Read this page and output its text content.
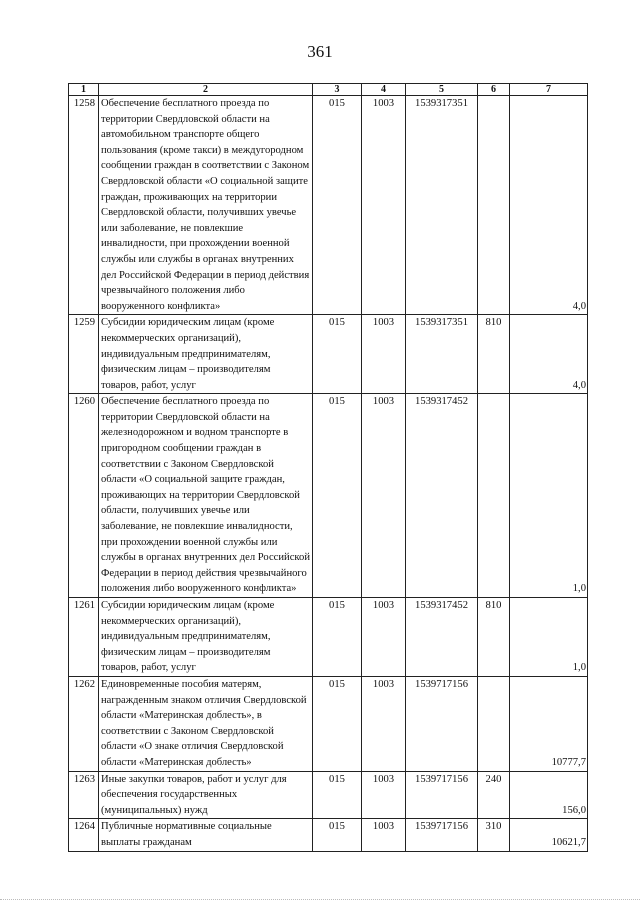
361
1	2	3	4	5	6	7
1258	Обеспечение бесплатного проезда по территории Свердловской области на автомобильном транспорте общего пользования (кроме такси) в междугородном сообщении граждан в соответствии с Законом Свердловской области «О социальной защите граждан, проживающих на территории Свердловской области, получивших увечье или заболевание, не повлекшие инвалидности, при прохождении военной службы или службы в органах внутренних дел Российской Федерации в период действия чрезвычайного положения либо вооруженного конфликта»	015	1003	1539317351		4,0
1259	Субсидии юридическим лицам (кроме некоммерческих организаций), индивидуальным предпринимателям, физическим лицам – производителям товаров, работ, услуг	015	1003	1539317351	810	4,0
1260	Обеспечение бесплатного проезда по территории Свердловской области на железнодорожном и водном транспорте в пригородном сообщении граждан в соответствии с Законом Свердловской области «О социальной защите граждан, проживающих на территории Свердловской области, получивших увечье или заболевание, не повлекшие инвалидности, при прохождении военной службы или службы в органах внутренних дел Российской Федерации в период действия чрезвычайного положения либо вооруженного конфликта»	015	1003	1539317452		1,0
1261	Субсидии юридическим лицам (кроме некоммерческих организаций), индивидуальным предпринимателям, физическим лицам – производителям товаров, работ, услуг	015	1003	1539317452	810	1,0
1262	Единовременные пособия матерям, награжденным знаком отличия Свердловской области «Материнская доблесть», в соответствии с Законом Свердловской области «О знаке отличия Свердловской области «Материнская доблесть»	015	1003	1539717156		10777,7
1263	Иные закупки товаров, работ и услуг для обеспечения государственных (муниципальных) нужд	015	1003	1539717156	240	156,0
1264	Публичные нормативные социальные выплаты гражданам	015	1003	1539717156	310	10621,7
